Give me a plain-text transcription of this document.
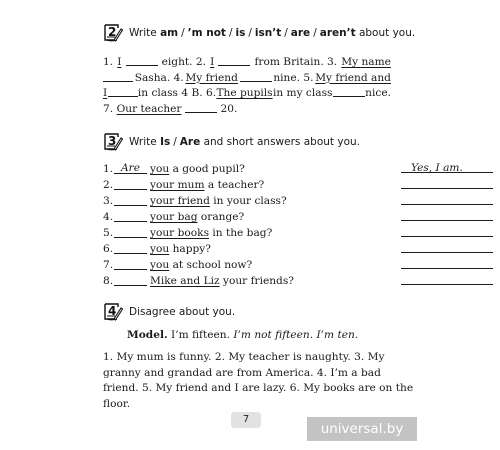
2 Write am / ’m not / is / isn’t / are / aren’t about you.
1. I	eight. 2. I	from Britain. 3. My name
Sasha. 4. My friend	nine. 5. My friend and
I	in class 4 B. 6. The pupils in my class	nice.
7. Our teacher	20.
3 Write Is / Are and short answers about you.
1. Are you a good pupil?	Yes, I am.
2.	your mum a teacher?
3.	your friend in your class?
4.	your bag orange?
5.	your books in the bag?
6.	you happy?
7.	you at school now?
8.	Mike and Liz your friends?
4 Disagree about you.
Model. I’m fifteen. I’m not fifteen. I’m ten.
1. My mum is funny. 2. My teacher is naughty. 3. My
granny and grandad are from America. 4. I’m a bad
friend. 5. My friend and I are lazy. 6. My books are on the
floor.
7
universal.by
